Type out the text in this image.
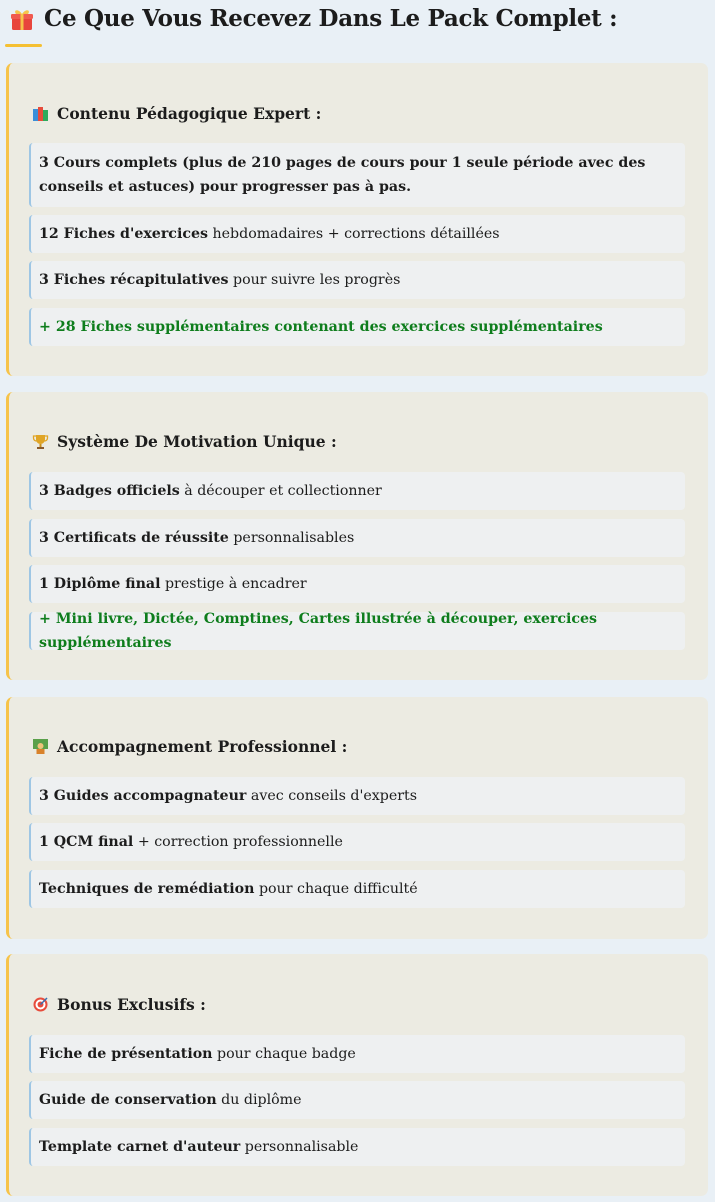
Ce Que Vous Recevez Dans Le Pack Complet :
Contenu Pédagogique Expert :
3 Cours complets (plus de 210 pages de cours pour 1 seule période avec des conseils et astuces) pour progresser pas à pas.
12 Fiches d'exercices hebdomadaires + corrections détaillées
3 Fiches récapitulatives pour suivre les progrès
+ 28 Fiches supplémentaires contenant des exercices supplémentaires
Système De Motivation Unique :
3 Badges officiels à découper et collectionner
3 Certificats de réussite personnalisables
1 Diplôme final prestige à encadrer
+ Mini livre, Dictée, Comptines, Cartes illustrée à découper, exercices supplémentaires
Accompagnement Professionnel :
3 Guides accompagnateur avec conseils d'experts
1 QCM final + correction professionnelle
Techniques de remédiation pour chaque difficulté
Bonus Exclusifs :
Fiche de présentation pour chaque badge
Guide de conservation du diplôme
Template carnet d'auteur personnalisable
